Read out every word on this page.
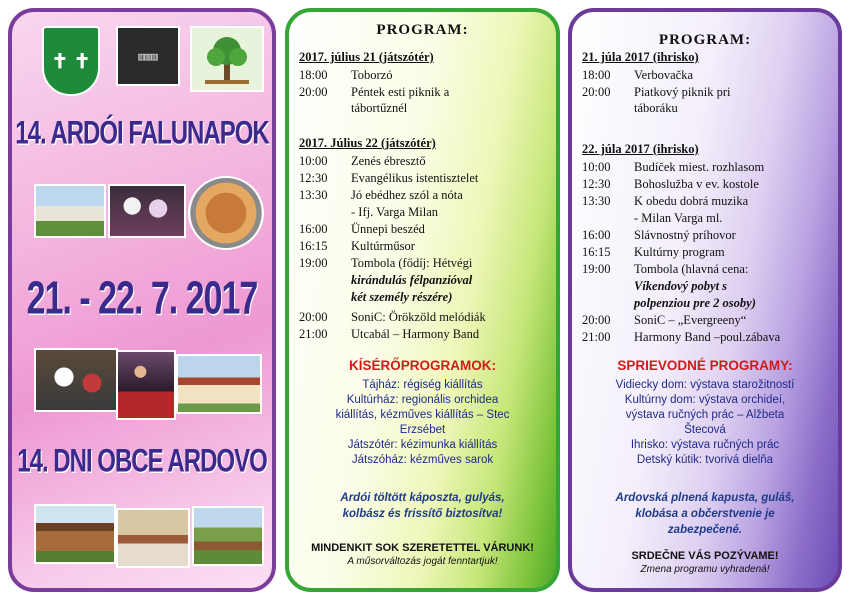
✝ ✝	▥▥▥
14. ARDÓI FALUNAPOK
21. - 22. 7. 2017
14. DNI OBCE ARDOVO
PROGRAM:
2017. július 21 (játszótér)
18:00 Toborzó
20:00 Péntek esti piknik a
tábortűznél
2017. Július 22 (játszótér)
10:00 Zenés ébresztő
12:30 Evangélikus istentisztelet
13:30 Jó ebédhez szól a nóta
- Ifj. Varga Milan
16:00 Ünnepi beszéd
16:15 Kultúrműsor
19:00 Tombola (fődíj: Hétvégi
kirándulás félpanzióval
két személy részére)
20:00 SoniC: Örökzöld melódiák
21:00 Utcabál – Harmony Band
KÍSÉRŐPROGRAMOK:
Tájház: régiség kiállítás
Kultúrház: regionális orchidea
kiállítás, kézműves kiállítás – Stec
Erzsébet
Játszótér: kézimunka kiállítás
Játszóház: kézműves sarok
Ardói töltött káposzta, gulyás,
kolbász és frissítő biztosítva!
MINDENKIT SOK SZERETETTEL VÁRUNK!
A műsorváltozás jogát fenntartjuk!
PROGRAM:
21. júla 2017 (ihrisko)
18:00 Verbovačka
20:00 Piatkový piknik pri
táboráku
22. júla 2017 (ihrisko)
10:00 Budíček miest. rozhlasom
12:30 Bohoslužba v ev. kostole
13:30 K obedu dobrá muzika
- Milan Varga ml.
16:00 Slávnostný príhovor
16:15 Kultúrny program
19:00 Tombola (hlavná cena:
Víkendový pobyt s
polpenziou pre 2 osoby)
20:00 SoniC – „Evergreeny“
21:00 Harmony Band –poul.zábava
SPRIEVODNÉ PROGRAMY:
Vidiecky dom: výstava starožitností
Kultúrny dom: výstava orchideí,
výstava ručných prác – Alžbeta
Štecová
Ihrisko: výstava ručných prác
Detský kútik: tvorivá dielňa
Ardovská plnená kapusta, guláš,
klobása a občerstvenie je
zabezpečené.
SRDEČNE VÁS POZÝVAME!
Zmena programu vyhradená!
